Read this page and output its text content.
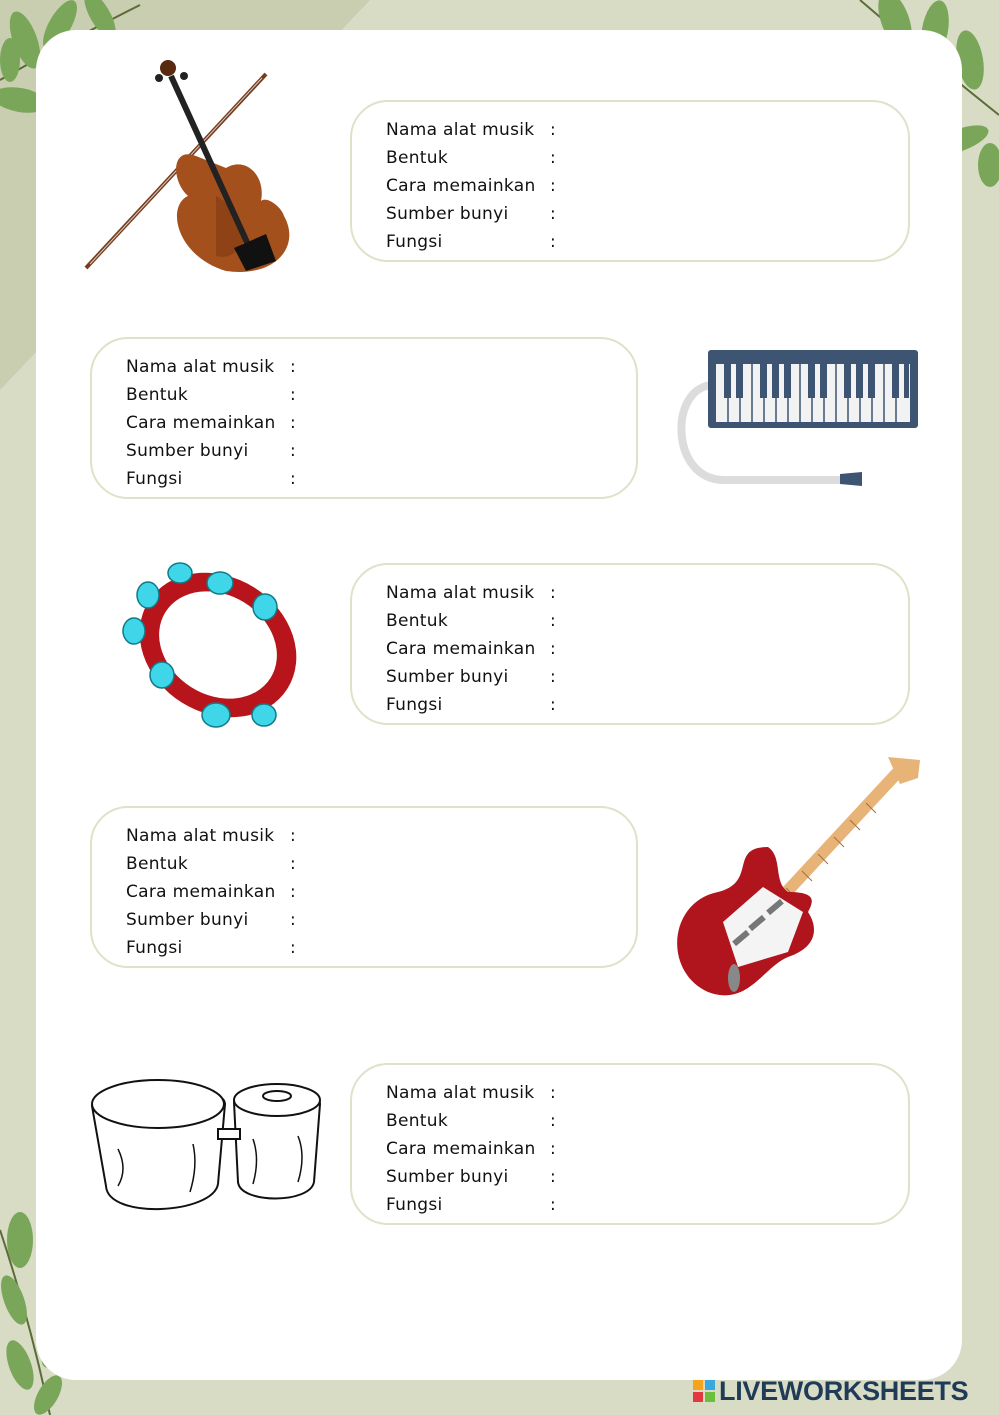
Nama alat musik :
Bentuk	:
Cara memainkan :
Sumber bunyi	:
Fungsi	:
Nama alat musik :
Bentuk	:
Cara memainkan :
Sumber bunyi	:
Fungsi	:
Nama alat musik :
Bentuk	:
Cara memainkan :
Sumber bunyi	:
Fungsi	:
Nama alat musik :
Bentuk	:
Cara memainkan :
Sumber bunyi	:
Fungsi	:
Nama alat musik :
Bentuk	:
Cara memainkan :
Sumber bunyi	:
Fungsi	:
LIVEWORKSHEETS
